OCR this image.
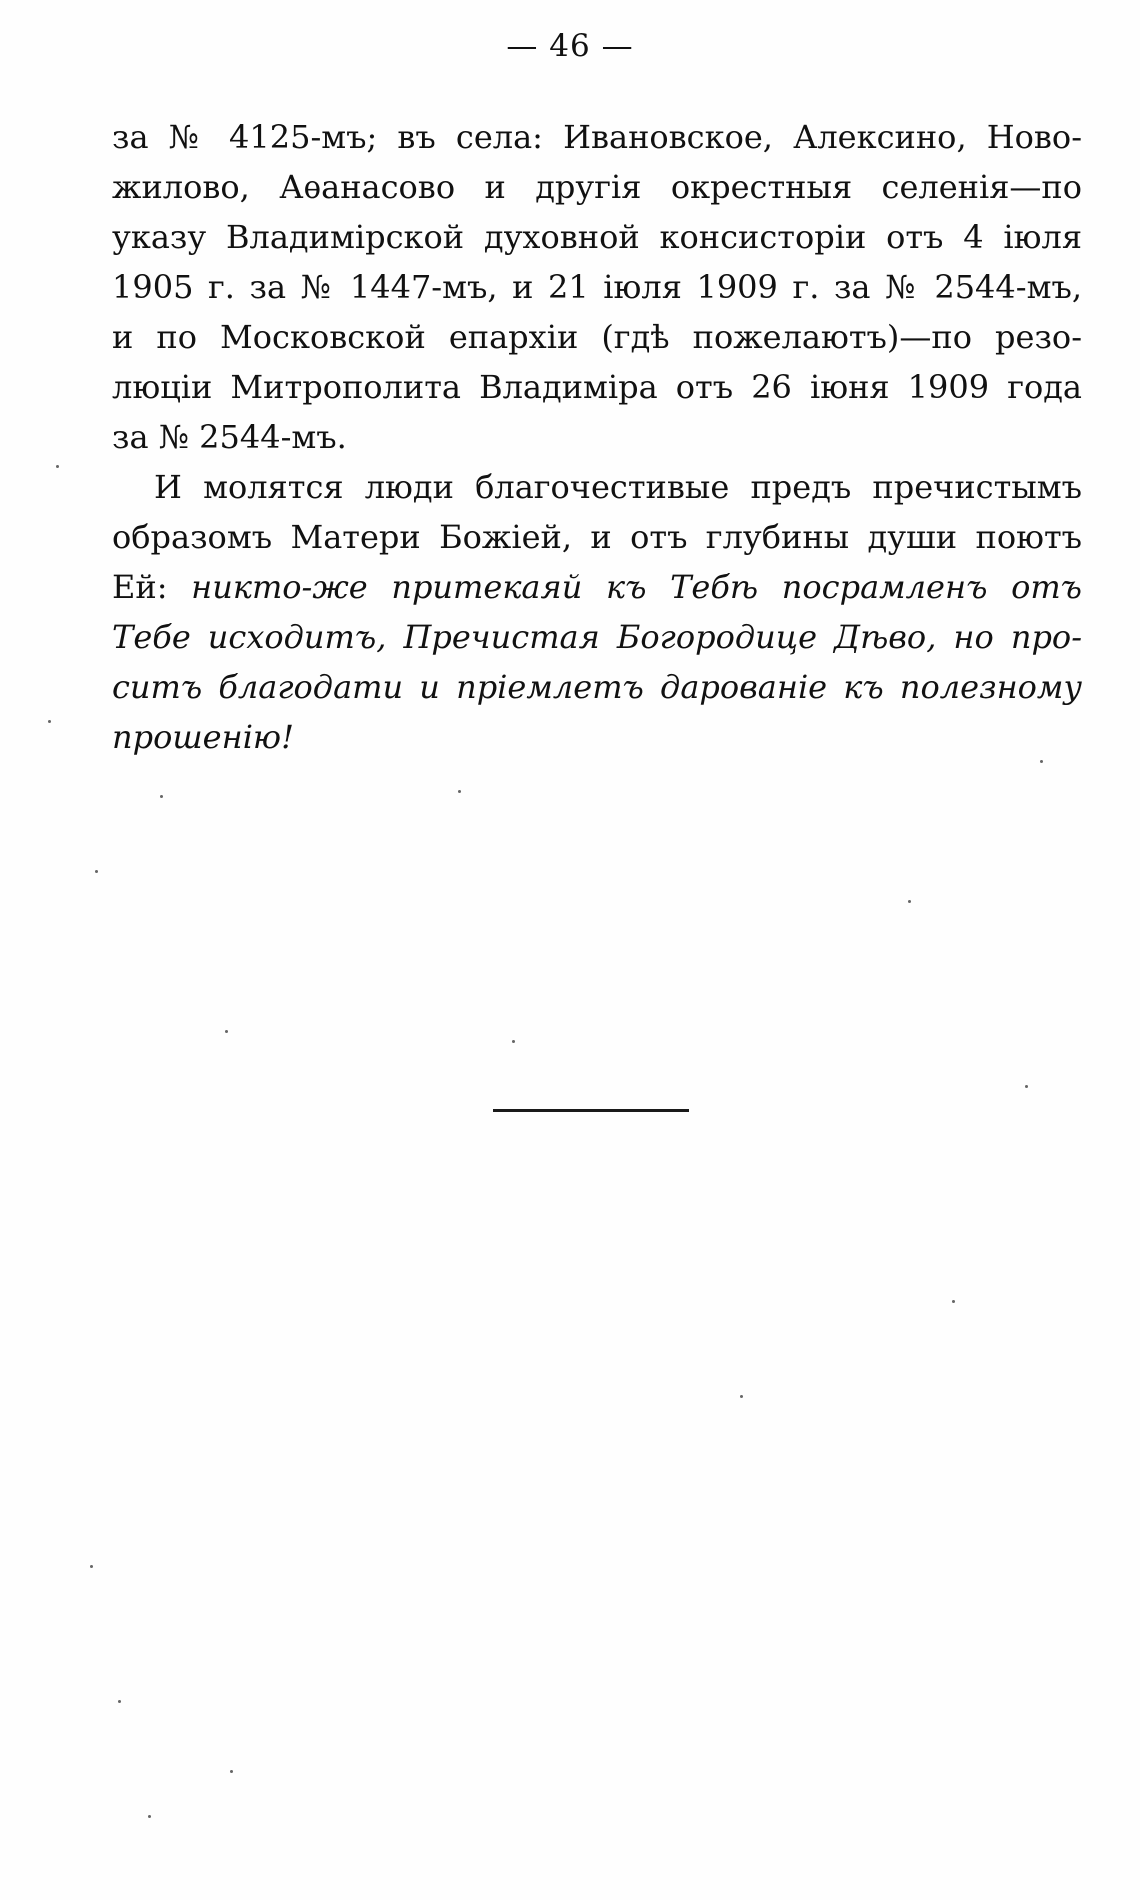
— 46 —
за № 4125-мъ; въ села: Ивановское, Алексино, Ново-
жилово, Аѳанасово и другія окрестныя селенія—по
указу Владимірской духовной консисторіи отъ 4 іюля
1905 г. за № 1447-мъ, и 21 іюля 1909 г. за № 2544-мъ,
и по Московской епархіи (гдѣ пожелаютъ)—по резо-
люціи Митрополита Владиміра отъ 26 іюня 1909 года
за № 2544-мъ.
И молятся люди благочестивые предъ пречистымъ
образомъ Матери Божіей, и отъ глубины души поютъ
Ей: никто-же притекаяй къ Тебѣ посрамленъ отъ
Тебе исходитъ, Пречистая Богородице Дѣво, но про-
ситъ благодати и пріемлетъ дарованіе къ полезному
прошенію!
